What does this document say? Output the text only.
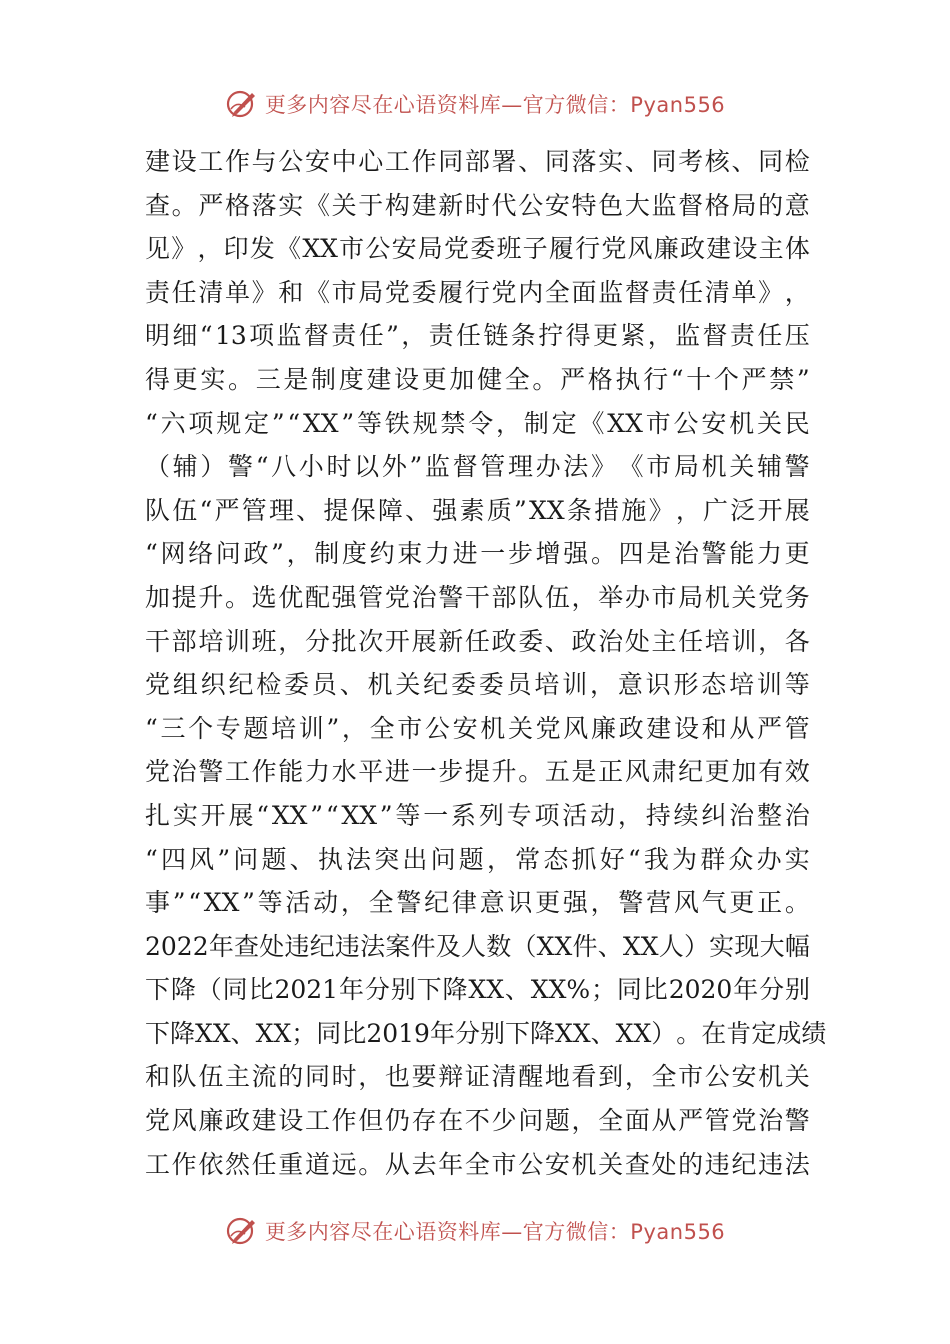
更多内容尽在心语资料库—官方微信：Pyan556
建 设 工 作 与 公 安 中 心 工 作 同 部 署 、 同 落 实 、 同 考 核 、 同 检
查 。 严 格 落 实 《 关 于 构 建 新 时 代 公 安 特 色 大 监 督 格 局 的 意
见 》 ， 印 发 《 XX 市 公 安 局 党 委 班 子 履 行 党 风 廉 政 建 设 主 体
责 任 清 单 》 和 《 市 局 党 委 履 行 党 内 全 面 监 督 责 任 清 单 》 ，
明 细 “ 13 项 监 督 责 任 ” ， 责 任 链 条 拧 得 更 紧 ， 监 督 责 任 压
得 更 实 。 三 是 制 度 建 设 更 加 健 全 。 严 格 执 行 “ 十 个 严 禁 ”
“ 六 项 规 定 ” “ XX ” 等 铁 规 禁 令 ， 制 定 《 XX 市 公 安 机 关 民
（ 辅 ） 警 “ 八 小 时 以 外 ” 监 督 管 理 办 法 》 《 市 局 机 关 辅 警
队 伍 “ 严 管 理 、 提 保 障 、 强 素 质 ” XX 条 措 施 》 ， 广 泛 开 展
“ 网 络 问 政 ” ， 制 度 约 束 力 进 一 步 增 强 。 四 是 治 警 能 力 更
加 提 升 。 选 优 配 强 管 党 治 警 干 部 队 伍 ， 举 办 市 局 机 关 党 务
干 部 培 训 班 ， 分 批 次 开 展 新 任 政 委 、 政 治 处 主 任 培 训 ， 各
党 组 织 纪 检 委 员 、 机 关 纪 委 委 员 培 训 ， 意 识 形 态 培 训 等
“ 三 个 专 题 培 训 ” ， 全 市 公 安 机 关 党 风 廉 政 建 设 和 从 严 管
党 治 警 工 作 能 力 水 平 进 一 步 提 升 。 五 是 正 风 肃 纪 更 加 有 效
扎 实 开 展 “ XX ” “ XX ” 等 一 系 列 专 项 活 动 ， 持 续 纠 治 整 治
“ 四 风 ” 问 题 、 执 法 突 出 问 题 ， 常 态 抓 好 “ 我 为 群 众 办 实
事 ” “ XX ” 等 活 动 ， 全 警 纪 律 意 识 更 强 ， 警 营 风 气 更 正 。
2022 年 查 处 违 纪 违 法 案 件 及 人 数 （ XX 件 、 XX 人 ） 实 现 大 幅
下 降 （ 同 比 2021 年 分 别 下 降 XX 、 XX% ； 同 比 2020 年 分 别
下 降 XX 、 XX ； 同 比 2019 年 分 别 下 降 XX 、 XX ） 。 在 肯 定 成 绩
和 队 伍 主 流 的 同 时 ， 也 要 辩 证 清 醒 地 看 到 ， 全 市 公 安 机 关
党 风 廉 政 建 设 工 作 但 仍 存 在 不 少 问 题 ， 全 面 从 严 管 党 治 警
工 作 依 然 任 重 道 远 。 从 去 年 全 市 公 安 机 关 查 处 的 违 纪 违 法
更多内容尽在心语资料库—官方微信：Pyan556
